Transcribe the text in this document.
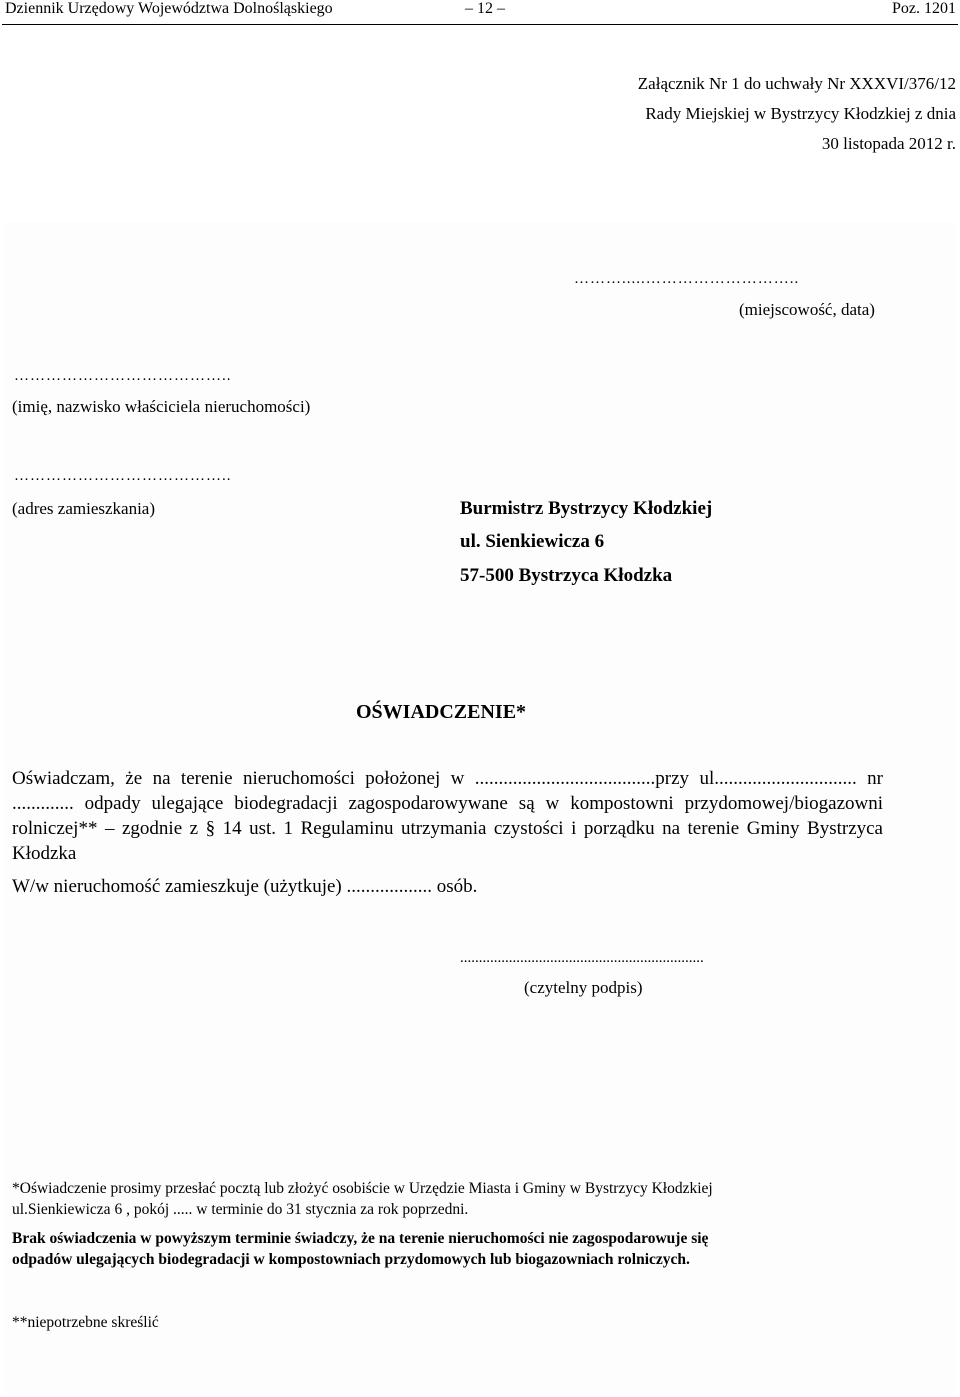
Dziennik Urzędowy Województwa Dolnośląskiego	– 12 –	Poz. 1201
Załącznik Nr 1 do uchwały Nr XXXVI/376/12
Rady Miejskiej w Bystrzycy Kłodzkiej z dnia
30 listopada 2012 r.
……….....………………………..
(miejscowość, data)
…………………………………..
(imię, nazwisko właściciela nieruchomości)
…………………………………..
(adres zamieszkania)	Burmistrz Bystrzycy Kłodzkiej
ul. Sienkiewicza 6
57-500 Bystrzyca Kłodzka
OŚWIADCZENIE*
Oświadczam, że na terenie nieruchomości położonej w ......................................przy ul.............................. nr ............. odpady ulegające biodegradacji zagospodarowywane są w kompostowni przydomowej/biogazowni rolniczej** – zgodnie z § 14 ust. 1 Regulaminu utrzymania czystości i porządku na terenie Gminy Bystrzyca Kłodzka
W/w nieruchomość zamieszkuje (użytkuje) .................. osób.
.................................................................
(czytelny podpis)
*Oświadczenie prosimy przesłać pocztą lub złożyć osobiście w Urzędzie Miasta i Gminy w Bystrzycy Kłodzkiej
ul.Sienkiewicza 6 , pokój ..... w terminie do 31 stycznia za rok poprzedni.
Brak oświadczenia w powyższym terminie świadczy, że na terenie nieruchomości nie zagospodarowuje się
odpadów ulegających biodegradacji w kompostowniach przydomowych lub biogazowniach rolniczych.
**niepotrzebne skreślić
